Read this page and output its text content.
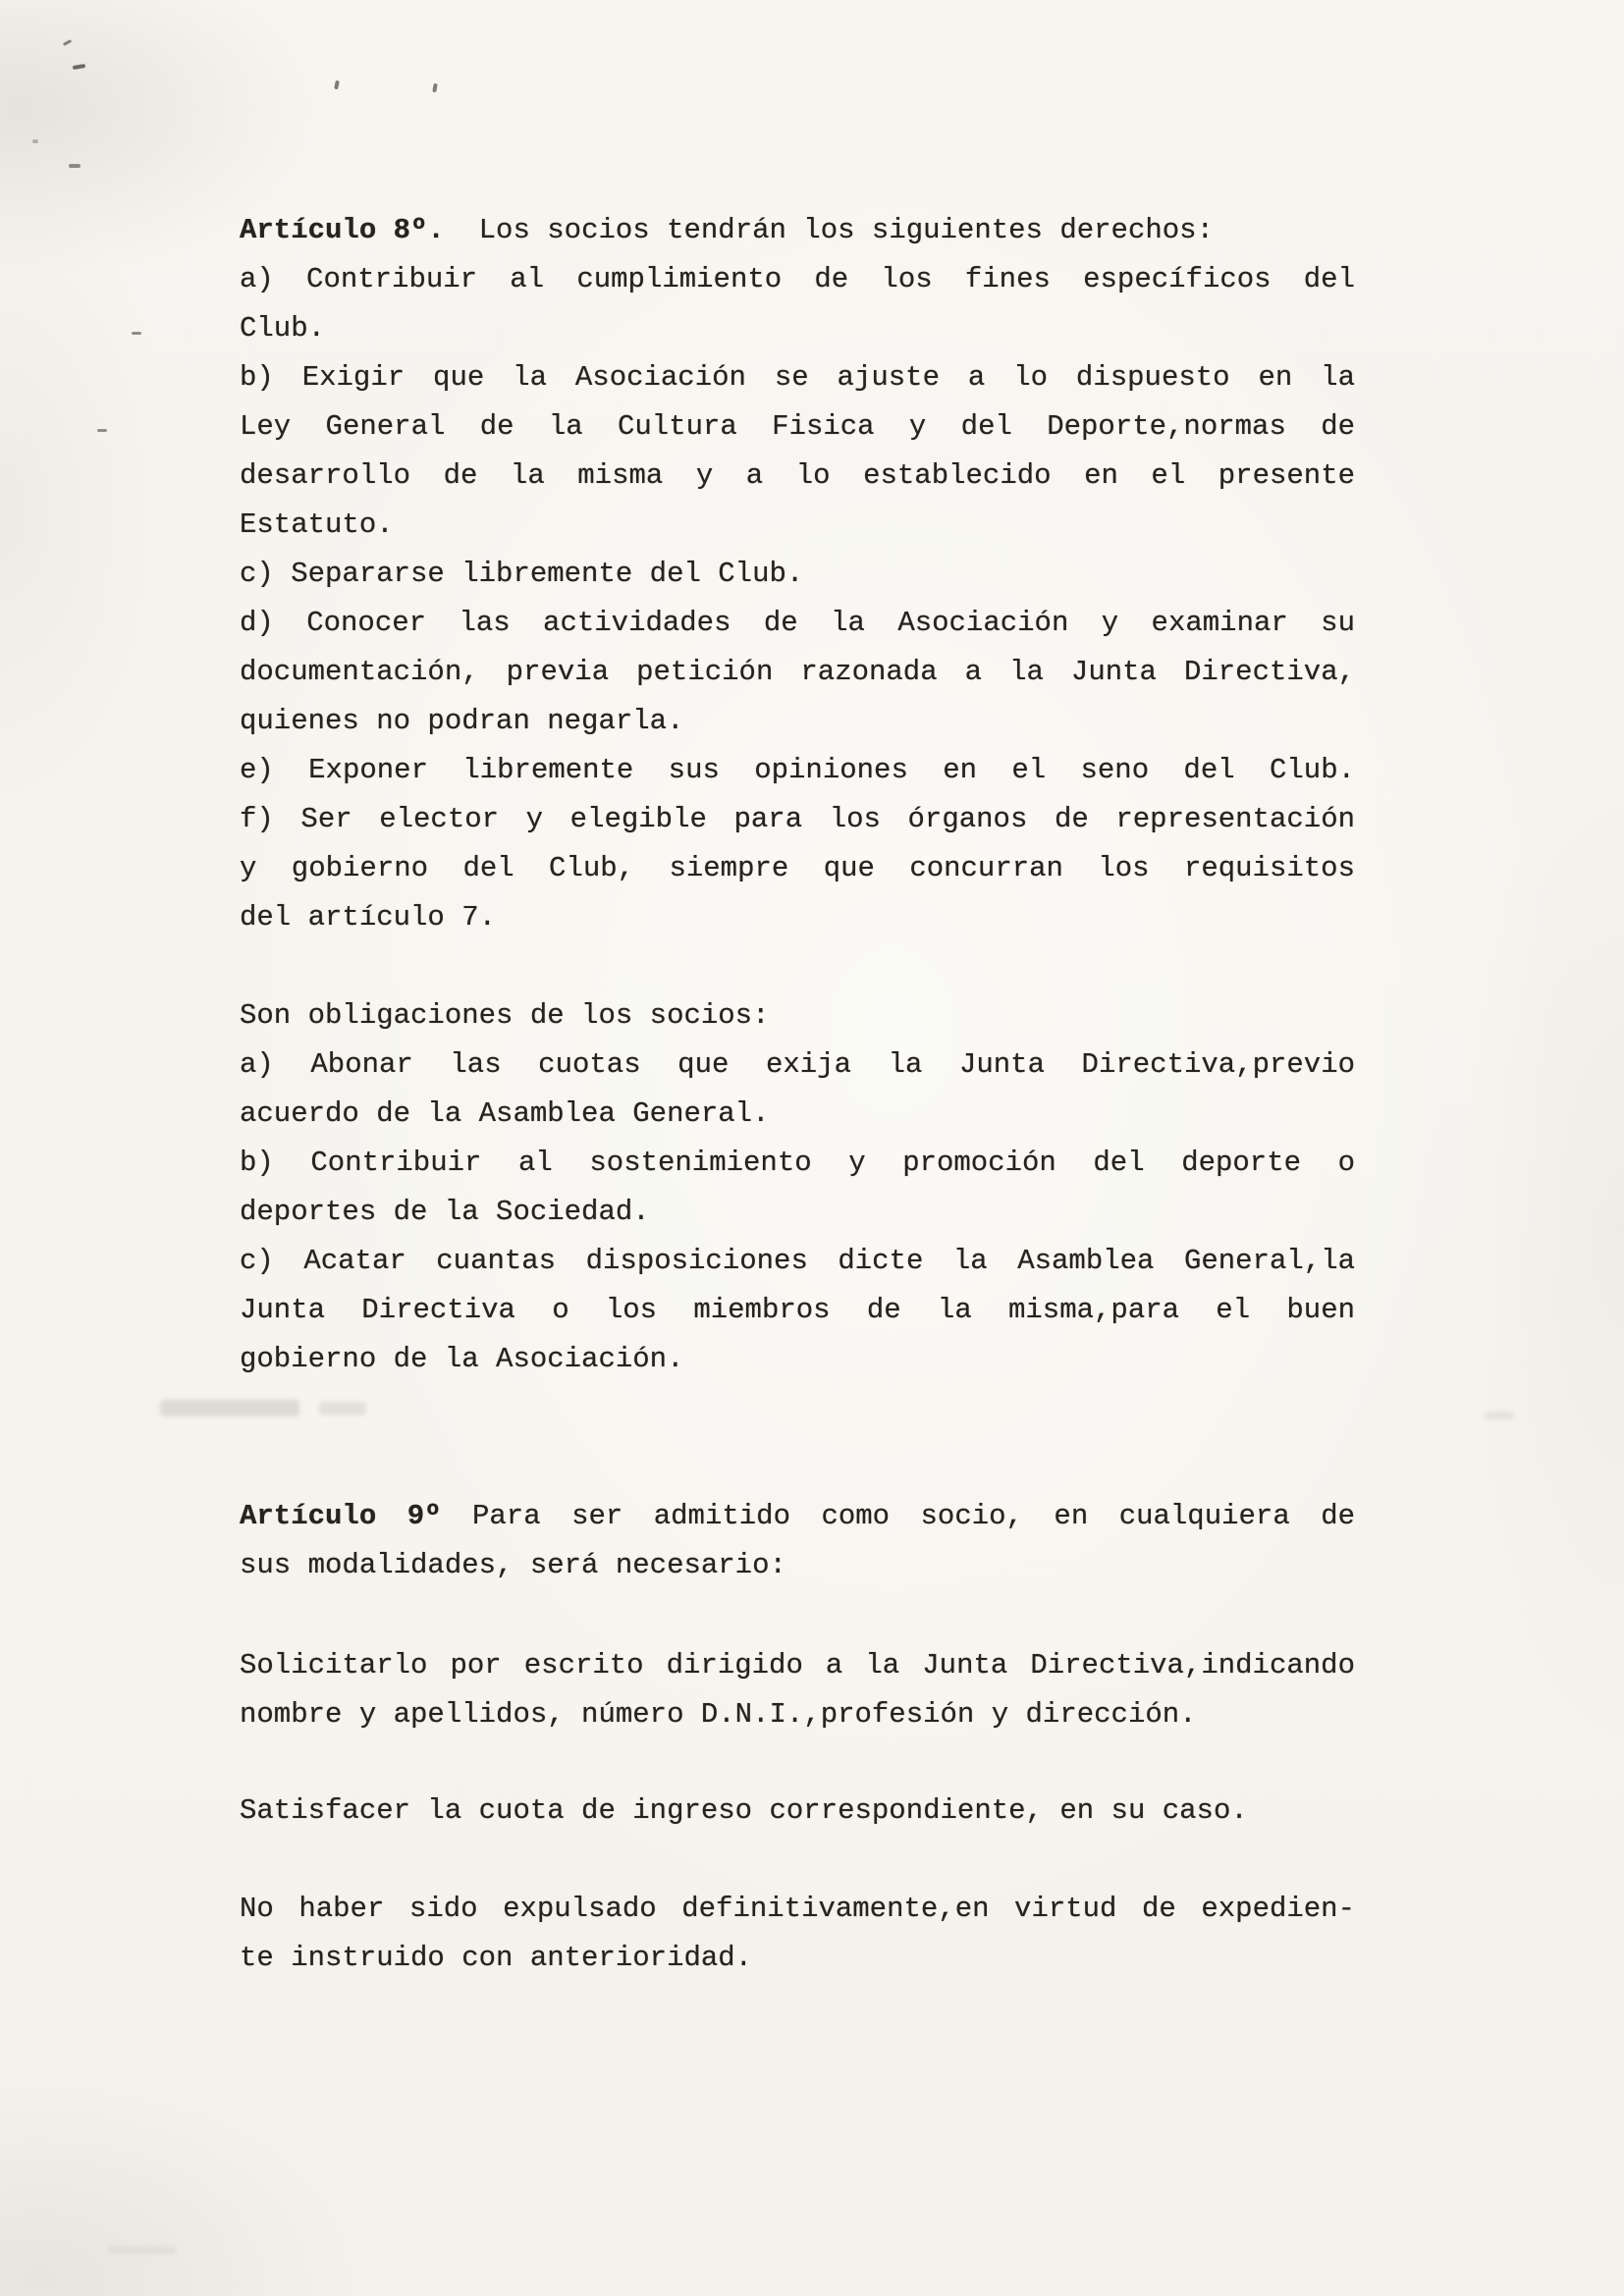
Artículo 8º.  Los socios tendrán los siguientes derechos:
a) Contribuir al cumplimiento de los fines específicos del
Club.
b) Exigir que la Asociación se ajuste a lo dispuesto en la
Ley General de la Cultura Fisica y del Deporte,normas de
desarrollo de la misma y a lo establecido en el presente
Estatuto.
c) Separarse libremente del Club.
d) Conocer las actividades de la Asociación y examinar su
documentación, previa petición razonada a la Junta Directiva,
quienes no podran negarla.
e) Exponer libremente sus opiniones en el seno del Club.
f) Ser elector y elegible para los órganos de representación
y gobierno del Club, siempre que concurran los requisitos
del artículo 7.
Son obligaciones de los socios:
a) Abonar las cuotas que exija la Junta Directiva,previo
acuerdo de la Asamblea General.
b) Contribuir al sostenimiento y promoción del deporte o
deportes de la Sociedad.
c) Acatar cuantas disposiciones dicte la Asamblea General,la
Junta Directiva o los miembros de la misma,para el buen
gobierno de la Asociación.
Artículo 9º Para ser admitido como socio, en cualquiera de
sus modalidades, será necesario:
Solicitarlo por escrito dirigido a la Junta Directiva,indicando
nombre y apellidos, número D.N.I.,profesión y dirección.
Satisfacer la cuota de ingreso correspondiente, en su caso.
No haber sido expulsado definitivamente,en virtud de expedien-
te instruido con anterioridad.
